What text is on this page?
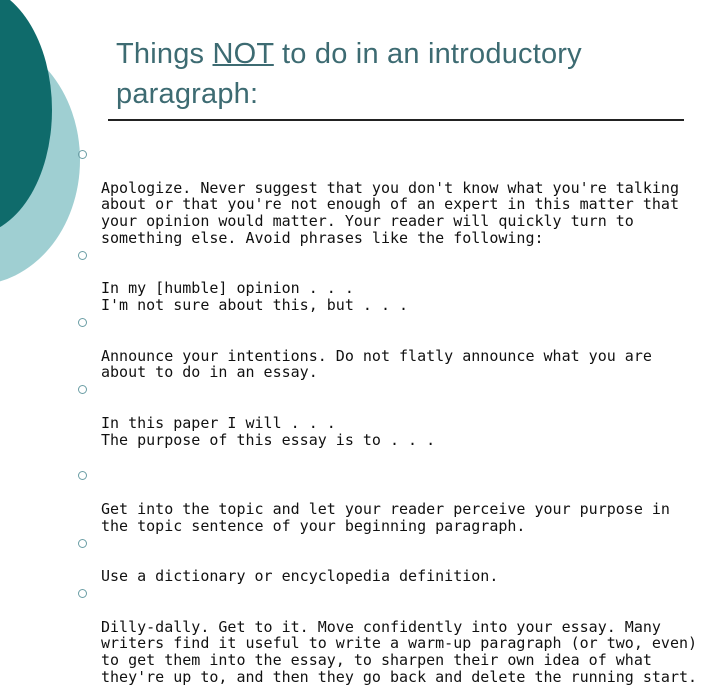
Things NOT to do in an introductory paragraph:

Apologize. Never suggest that you don't know what you're talking about or that you're not enough of an expert in this matter that your opinion would matter. Your reader will quickly turn to something else. Avoid phrases like the following:

In my [humble] opinion . . .
I'm not sure about this, but . . .

Announce your intentions. Do not flatly announce what you are about to do in an essay.

In this paper I will . . .
The purpose of this essay is to . . .

Get into the topic and let your reader perceive your purpose in the topic sentence of your beginning paragraph.

Use a dictionary or encyclopedia definition.

Dilly-dally. Get to it. Move confidently into your essay. Many writers find it useful to write a warm-up paragraph (or two, even) to get them into the essay, to sharpen their own idea of what they're up to, and then they go back and delete the running start.
